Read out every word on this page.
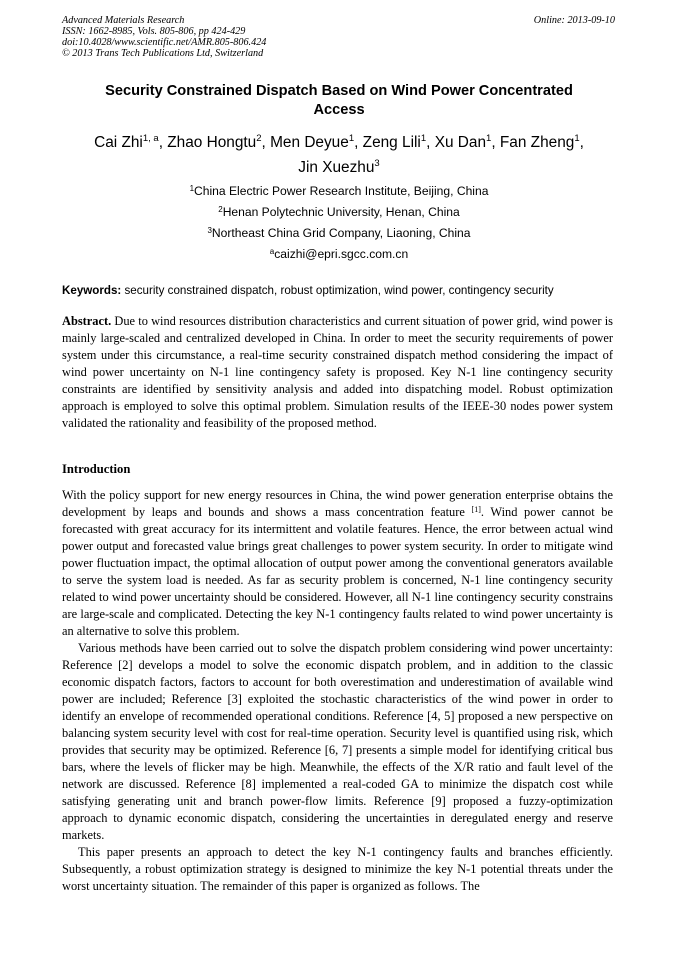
Advanced Materials Research
ISSN: 1662-8985, Vols. 805-806, pp 424-429
doi:10.4028/www.scientific.net/AMR.805-806.424
© 2013 Trans Tech Publications Ltd, Switzerland
Online: 2013-09-10
Security Constrained Dispatch Based on Wind Power Concentrated
Access
Cai Zhi$^{1, a}$, Zhao Hongtu$^2$, Men Deyue$^1$, Zeng Lili$^1$, Xu Dan$^1$, Fan Zheng$^1$,
Jin Xuezhu$^3$
$^1$China Electric Power Research Institute, Beijing, China
$^2$Henan Polytechnic University, Henan, China
$^3$Northeast China Grid Company, Liaoning, China
$^a$caizhi@epri.sgcc.com.cn
Keywords: security constrained dispatch, robust optimization, wind power, contingency security
Abstract. Due to wind resources distribution characteristics and current situation of power grid, wind power is mainly large-scaled and centralized developed in China. In order to meet the security requirements of power system under this circumstance, a real-time security constrained dispatch method considering the impact of wind power uncertainty on N-1 line contingency safety is proposed. Key N-1 line contingency security constraints are identified by sensitivity analysis and added into dispatching model. Robust optimization approach is employed to solve this optimal problem. Simulation results of the IEEE-30 nodes power system validated the rationality and feasibility of the proposed method.
Introduction

With the policy support for new energy resources in China, the wind power generation enterprise obtains the development by leaps and bounds and shows a mass concentration feature [1]. Wind power cannot be forecasted with great accuracy for its intermittent and volatile features. Hence, the error between actual wind power output and forecasted value brings great challenges to power system security. In order to mitigate wind power fluctuation impact, the optimal allocation of output power among the conventional generators available to serve the system load is needed. As far as security problem is concerned, N-1 line contingency security related to wind power uncertainty should be considered. However, all N-1 line contingency security constrains are large-scale and complicated. Detecting the key N-1 contingency faults related to wind power uncertainty is an alternative to solve this problem.

Various methods have been carried out to solve the dispatch problem considering wind power uncertainty: Reference [2] develops a model to solve the economic dispatch problem, and in addition to the classic economic dispatch factors, factors to account for both overestimation and underestimation of available wind power are included; Reference [3] exploited the stochastic characteristics of the wind power in order to identify an envelope of recommended operational conditions. Reference [4, 5] proposed a new perspective on balancing system security level with cost for real-time operation. Security level is quantified using risk, which provides that security may be optimized. Reference [6, 7] presents a simple model for identifying critical bus bars, where the levels of flicker may be high. Meanwhile, the effects of the X/R ratio and fault level of the network are discussed. Reference [8] implemented a real-coded GA to minimize the dispatch cost while satisfying generating unit and branch power-flow limits. Reference [9] proposed a fuzzy-optimization approach to dynamic economic dispatch, considering the uncertainties in deregulated energy and reserve markets.

This paper presents an approach to detect the key N-1 contingency faults and branches efficiently. Subsequently, a robust optimization strategy is designed to minimize the key N-1 potential threats under the worst uncertainty situation. The remainder of this paper is organized as follows. The
